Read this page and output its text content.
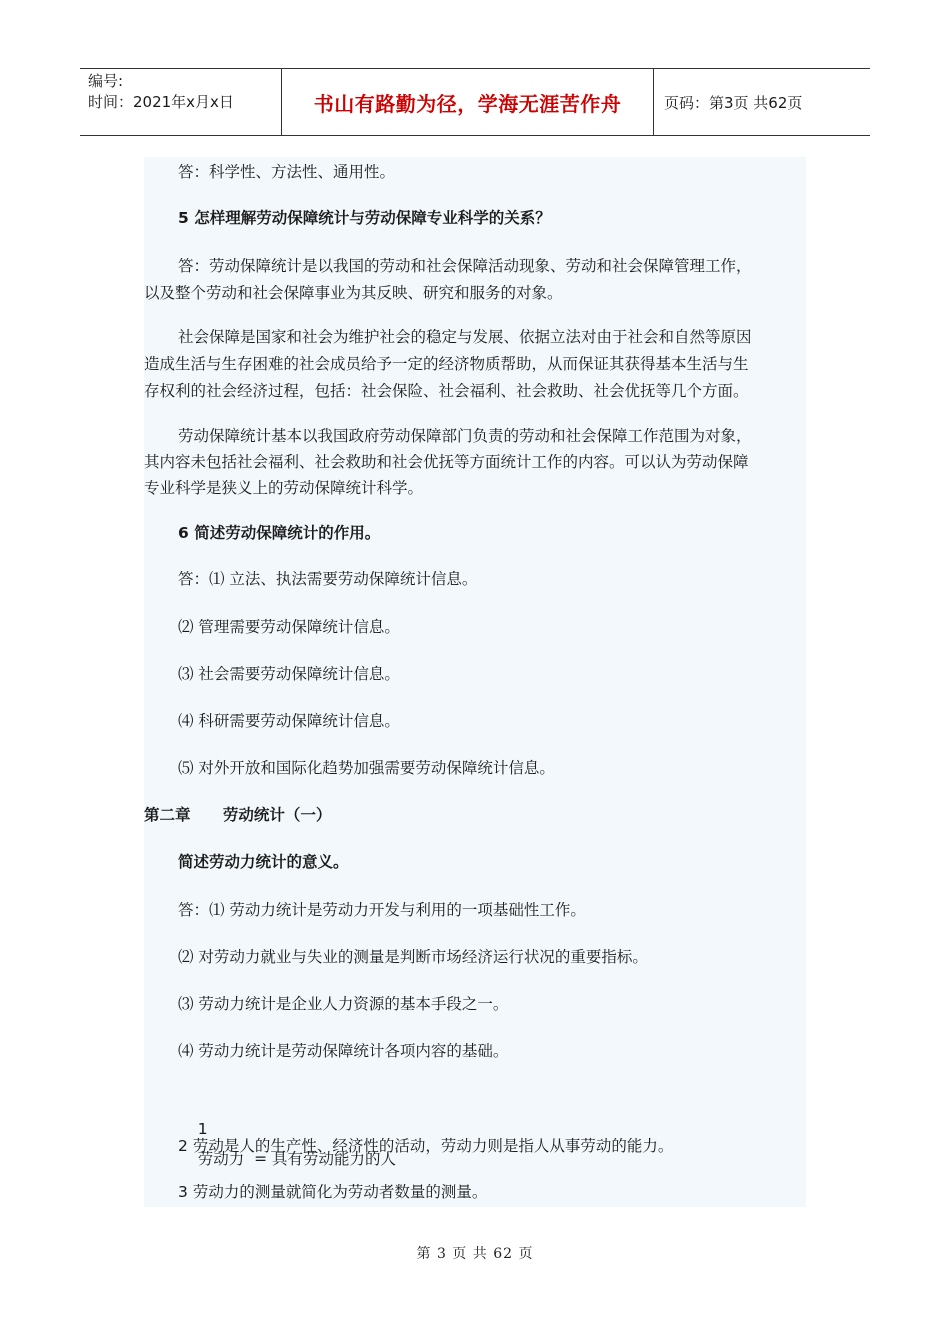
编号:
时间：2021年x月x日	书山有路勤为径，学海无涯苦作舟	页码：第3页 共62页
答：科学性、方法性、通用性。
5 怎样理解劳动保障统计与劳动保障专业科学的关系？
答：劳动保障统计是以我国的劳动和社会保障活动现象、劳动和社会保障管理工作，
以及整个劳动和社会保障事业为其反映、研究和服务的对象。
社会保障是国家和社会为维护社会的稳定与发展、依据立法对由于社会和自然等原因
造成生活与生存困难的社会成员给予一定的经济物质帮助，从而保证其获得基本生活与生
存权利的社会经济过程，包括：社会保险、社会福利、社会救助、社会优抚等几个方面。
劳动保障统计基本以我国政府劳动保障部门负责的劳动和社会保障工作范围为对象，
其内容未包括社会福利、社会救助和社会优抚等方面统计工作的内容。可以认为劳动保障
专业科学是狭义上的劳动保障统计科学。
6 简述劳动保障统计的作用。
答：⑴ 立法、执法需要劳动保障统计信息。
⑵ 管理需要劳动保障统计信息。
⑶ 社会需要劳动保障统计信息。
⑷ 科研需要劳动保障统计信息。
⑸ 对外开放和国际化趋势加强需要劳动保障统计信息。
第二章      劳动统计（一）
简述劳动力统计的意义。
答：⑴ 劳动力统计是劳动力开发与利用的一项基础性工作。
⑵ 对劳动力就业与失业的测量是判断市场经济运行状况的重要指标。
⑶ 劳动力统计是企业人力资源的基本手段之一。
⑷ 劳动力统计是劳动保障统计各项内容的基础。

1
劳动力  = 具有劳动能力的人

2 劳动是人的生产性、经济性的活动，劳动力则是指人从事劳动的能力。
3 劳动力的测量就简化为劳动者数量的测量。
第 3 页 共 62 页
